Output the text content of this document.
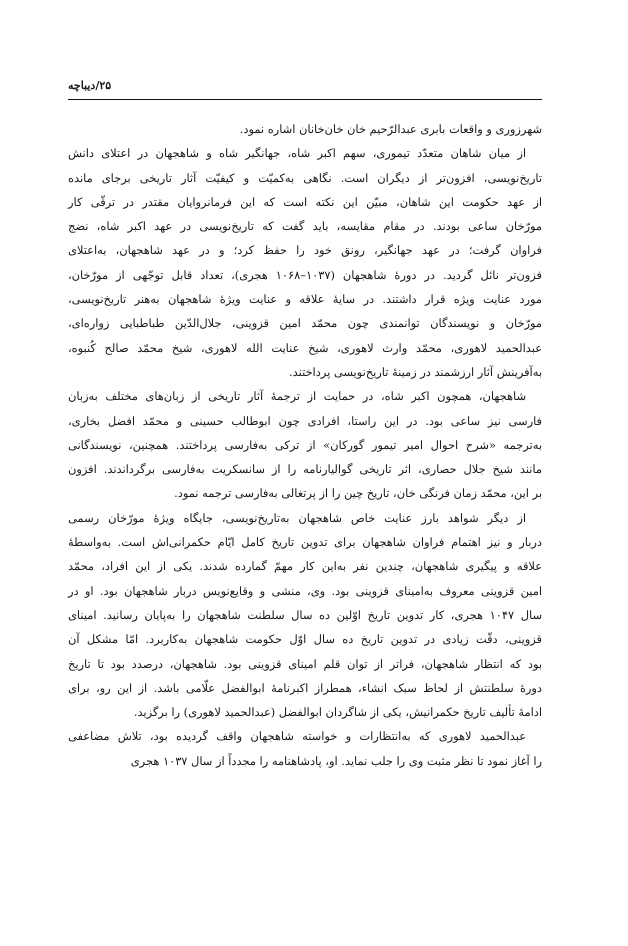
۲۵/دیباچه

شهرزوری و واقعات بابری عبدالرّحیم خان خان‌خانان اشاره نمود.

از میان شاهان متعدّد تیموری، سهم اکبر شاه، جهانگیر شاه و شاهجهان در اعتلای دانش
تاریخ‌نویسی، افزون‌تر از دیگران است. نگاهی به‌کمیّت و کیفیّت آثار تاریخی برجای مانده
از عهد حکومت این شاهان، مبیّن این نکته است که این فرمانروایان مقتدر در ترقّی کار
مورّخان ساعی بودند. در مقام مقایسه، باید گفت که تاریخ‌نویسی در عهد اکبر شاه، نضج
فراوان گرفت؛ در عهد جهانگیر، رونق خود را حفظ کرد؛ و در عهد شاهجهان، به‌اعتلای
فزون‌تر نائل گردید. در دورهٔ شاهجهان (۱۰۳۷–۱۰۶۸ هجری)، تعداد قابل توجّهی از مورّخان،
مورد عنایت ویژه قرار داشتند. در سایهٔ علاقه و عنایت ویژهٔ شاهجهان به‌هنر تاریخ‌نویسی،
مورّخان و نویسندگان توانمندی چون محمّد امین قزوینی، جلال‌الدّین طباطبایی زواره‌ای،
عبدالحمید لاهوری، محمّد وارث لاهوری، شیخ عنایت الله لاهوری، شیخ محمّد صالح کُنبوه،
به‌آفرینش آثار ارزشمند در زمینهٔ تاریخ‌نویسی پرداختند.

شاهجهان، همچون اکبر شاه، در حمایت از ترجمهٔ آثار تاریخی از زبان‌های مختلف به‌زبان
فارسی نیز ساعی بود. در این راستا، افرادی چون ابوطالب حسینی و محمّد افضل بخاری،
به‌ترجمه «شرح احوال امیر تیمور گورکان» از ترکی به‌فارسی پرداختند. همچنین، نویسندگانی
مانند شیخ جلال حصاری، اثر تاریخی گوالیارنامه را از سانسکریت به‌فارسی برگرداندند. افزون
بر این، محمّد زمان فرنگی خان، تاریخ چین را از پرتغالی به‌فارسی ترجمه نمود.

از دیگر شواهد بارز عنایت خاص شاهجهان به‌تاریخ‌نویسی، جایگاه ویژهٔ مورّخان رسمی
دربار و نیز اهتمام فراوان شاهجهان برای تدوین تاریخ کامل ایّام حکمرانی‌اش است. به‌واسطهٔ
علاقه و پیگیری شاهجهان، چندین نفر به‌این کار مهمّ گمارده شدند. یکی از این افراد، محمّد
امین قزوینی معروف به‌امینای قزوینی بود. وی، منشی و وقایع‌نویس دربار شاهجهان بود. او در
سال ۱۰۴۷ هجری، کار تدوین تاریخ اوّلین ده سال سلطنت شاهجهان را به‌پایان رسانید. امینای
قزوینی، دقّت زیادی در تدوین تاریخ ده سال اوّل حکومت شاهجهان به‌کاربرد. امّا مشکل آن
بود که انتظار شاهجهان، فراتر از توان قلم امینای قزوینی بود. شاهجهان، درصدد بود تا تاریخ
دورهٔ سلطنتش از لحاظ سبک انشاء، همطراز اکبرنامهٔ ابوالفضل علّامی باشد. از این رو، برای
ادامهٔ تألیف تاریخ حکمرانیش، یکی از شاگردان ابوالفضل (عبدالحمید لاهوری) را برگزید.

عبدالحمید لاهوری که به‌انتظارات و خواسته شاهجهان واقف گردیده بود، تلاش مضاعفی
را آغاز نمود تا نظر مثبت وی را جلب نماید. او، پادشاهنامه را مجدداً از سال ۱۰۳۷ هجری
